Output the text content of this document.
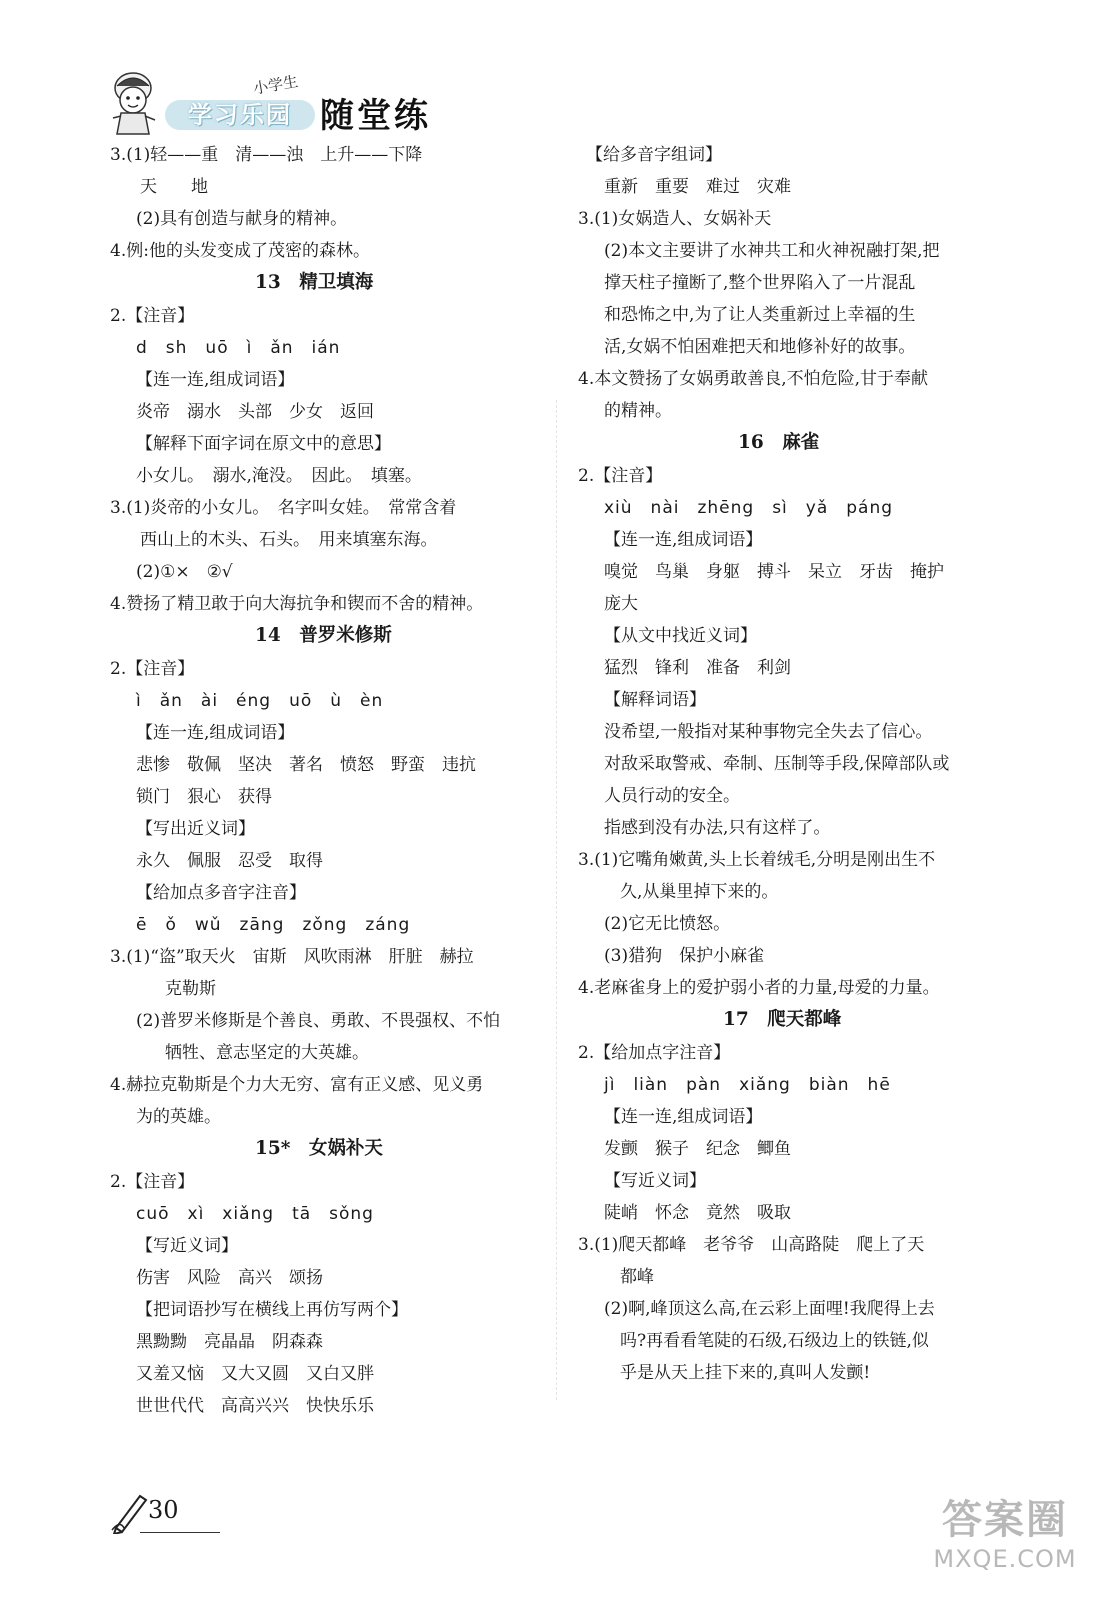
小学生
学习乐园 随堂练
3.(1)轻——重　清——浊　上升——下降
天　　地
(2)具有创造与献身的精神。
4.例:他的头发变成了茂密的森林。
13　精卫填海
2.【注音】
d　sh　uō　ì　ǎn　ián
【连一连,组成词语】
炎帝　溺水　头部　少女　返回
【解释下面字词在原文中的意思】
小女儿。　溺水,淹没。　因此。　填塞。
3.(1)炎帝的小女儿。　名字叫女娃。　常常含着
西山上的木头、石头。　用来填塞东海。
(2)①×　②√
4.赞扬了精卫敢于向大海抗争和锲而不舍的精神。
14　普罗米修斯
2.【注音】
ì　ǎn　ài　éng　uō　ù　èn
【连一连,组成词语】
悲惨　敬佩　坚决　著名　愤怒　野蛮　违抗
锁门　狠心　获得
【写出近义词】
永久　佩服　忍受　取得
【给加点多音字注音】
ē　ǒ　wǔ　zāng　zǒng　záng
3.(1)“盗”取天火　宙斯　风吹雨淋　肝脏　赫拉
克勒斯
(2)普罗米修斯是个善良、勇敢、不畏强权、不怕
牺牲、意志坚定的大英雄。
4.赫拉克勒斯是个力大无穷、富有正义感、见义勇
为的英雄。
15*　女娲补天
2.【注音】
cuō　xì　xiǎng　tā　sǒng
【写近义词】
伤害　风险　高兴　颂扬
【把词语抄写在横线上再仿写两个】
黑黝黝　亮晶晶　阴森森
又羞又恼　又大又圆　又白又胖
世世代代　高高兴兴　快快乐乐
【给多音字组词】
重新　重要　难过　灾难
3.(1)女娲造人、女娲补天
(2)本文主要讲了水神共工和火神祝融打架,把
撑天柱子撞断了,整个世界陷入了一片混乱
和恐怖之中,为了让人类重新过上幸福的生
活,女娲不怕困难把天和地修补好的故事。
4.本文赞扬了女娲勇敢善良,不怕危险,甘于奉献
的精神。
16　麻雀
2.【注音】
xiù　nài　zhēng　sì　yǎ　páng
【连一连,组成词语】
嗅觉　鸟巢　身躯　搏斗　呆立　牙齿　掩护
庞大
【从文中找近义词】
猛烈　锋利　准备　利剑
【解释词语】
没希望,一般指对某种事物完全失去了信心。
对敌采取警戒、牵制、压制等手段,保障部队或
人员行动的安全。
指感到没有办法,只有这样了。
3.(1)它嘴角嫩黄,头上长着绒毛,分明是刚出生不
久,从巢里掉下来的。
(2)它无比愤怒。
(3)猎狗　保护小麻雀
4.老麻雀身上的爱护弱小者的力量,母爱的力量。
17　爬天都峰
2.【给加点字注音】
jì　liàn　pàn　xiǎng　biàn　hē
【连一连,组成词语】
发颤　猴子　纪念　鲫鱼
【写近义词】
陡峭　怀念　竟然　吸取
3.(1)爬天都峰　老爷爷　山高路陡　爬上了天
都峰
(2)啊,峰顶这么高,在云彩上面哩!我爬得上去
吗?再看看笔陡的石级,石级边上的铁链,似
乎是从天上挂下来的,真叫人发颤!
30	答案圈
MXQE.COM
